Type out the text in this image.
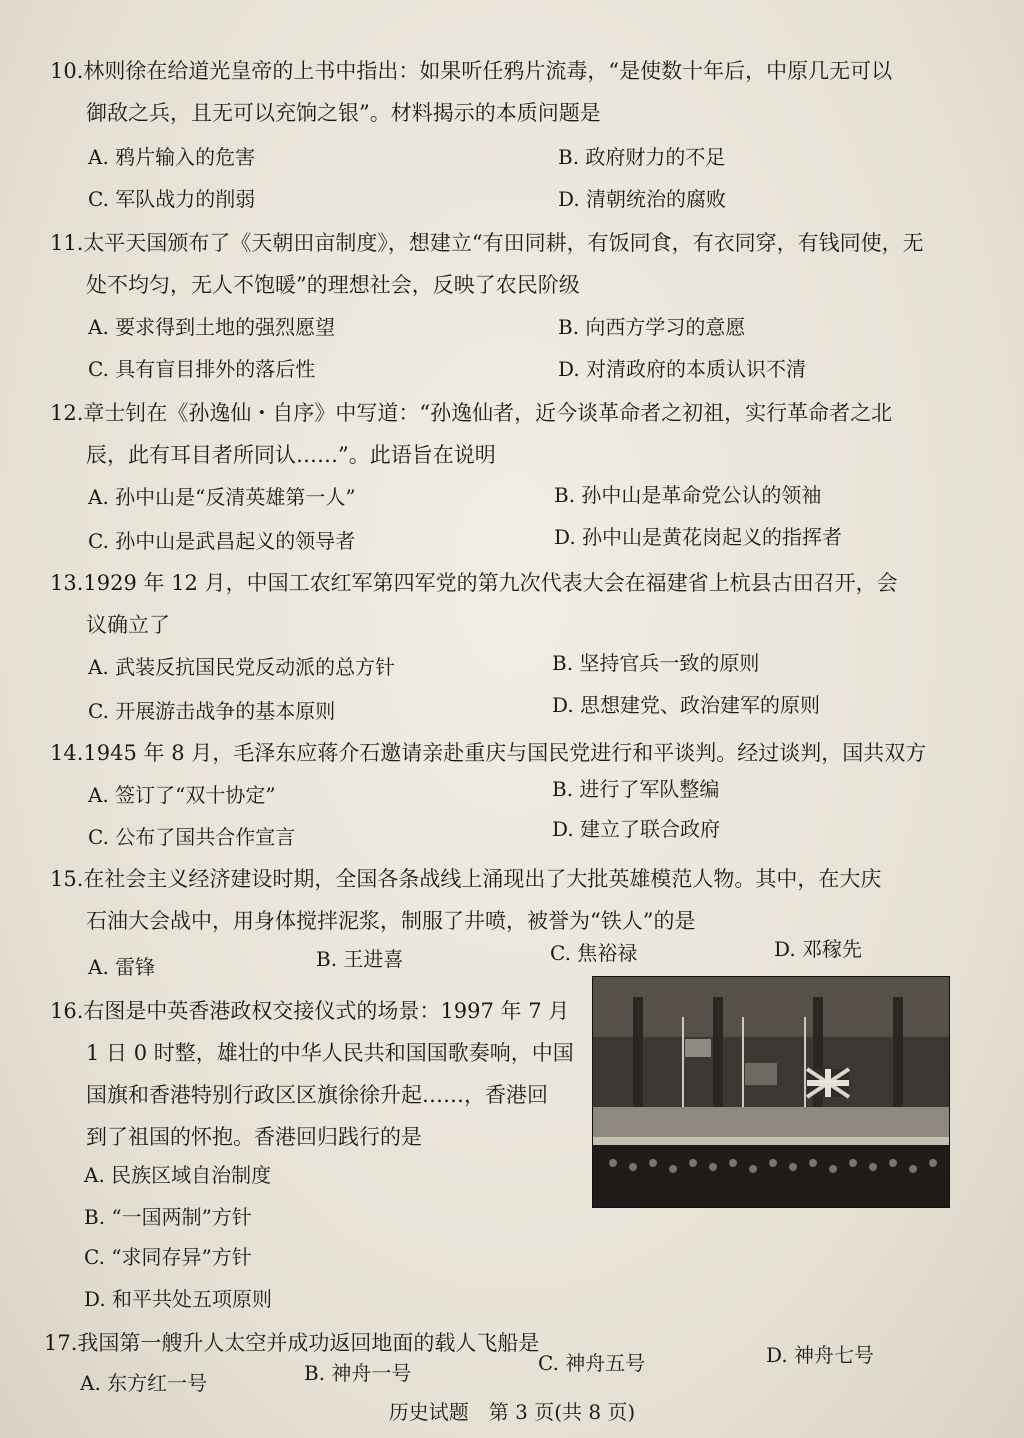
10.林则徐在给道光皇帝的上书中指出：如果听任鸦片流毒，“是使数十年后，中原几无可以
御敌之兵，且无可以充饷之银”。材料揭示的本质问题是
A. 鸦片输入的危害	B. 政府财力的不足
C. 军队战力的削弱	D. 清朝统治的腐败
11.太平天国颁布了《天朝田亩制度》，想建立“有田同耕，有饭同食，有衣同穿，有钱同使，无
处不均匀，无人不饱暖”的理想社会，反映了农民阶级
A. 要求得到土地的强烈愿望	B. 向西方学习的意愿
C. 具有盲目排外的落后性	D. 对清政府的本质认识不清
12.章士钊在《孙逸仙・自序》中写道：“孙逸仙者，近今谈革命者之初祖，实行革命者之北
辰，此有耳目者所同认……”。此语旨在说明
A. 孙中山是“反清英雄第一人”	B. 孙中山是革命党公认的领袖
C. 孙中山是武昌起义的领导者	D. 孙中山是黄花岗起义的指挥者
13.1929 年 12 月，中国工农红军第四军党的第九次代表大会在福建省上杭县古田召开，会
议确立了
A. 武装反抗国民党反动派的总方针	B. 坚持官兵一致的原则
C. 开展游击战争的基本原则	D. 思想建党、政治建军的原则
14.1945 年 8 月，毛泽东应蒋介石邀请亲赴重庆与国民党进行和平谈判。经过谈判，国共双方
A. 签订了“双十协定”	B. 进行了军队整编
C. 公布了国共合作宣言	D. 建立了联合政府
15.在社会主义经济建设时期，全国各条战线上涌现出了大批英雄模范人物。其中，在大庆
石油大会战中，用身体搅拌泥浆，制服了井喷，被誉为“铁人”的是
A. 雷锋	B. 王进喜	C. 焦裕禄	D. 邓稼先
16.右图是中英香港政权交接仪式的场景：1997 年 7 月
1 日 0 时整，雄壮的中华人民共和国国歌奏响，中国
国旗和香港特别行政区区旗徐徐升起……，香港回
到了祖国的怀抱。香港回归践行的是
A. 民族区域自治制度
B. “一国两制”方针
C. “求同存异”方针
D. 和平共处五项原则
17.我国第一艘升人太空并成功返回地面的载人飞船是
A. 东方红一号	B. 神舟一号	C. 神舟五号	D. 神舟七号
历史试题　第 3 页(共 8 页)
